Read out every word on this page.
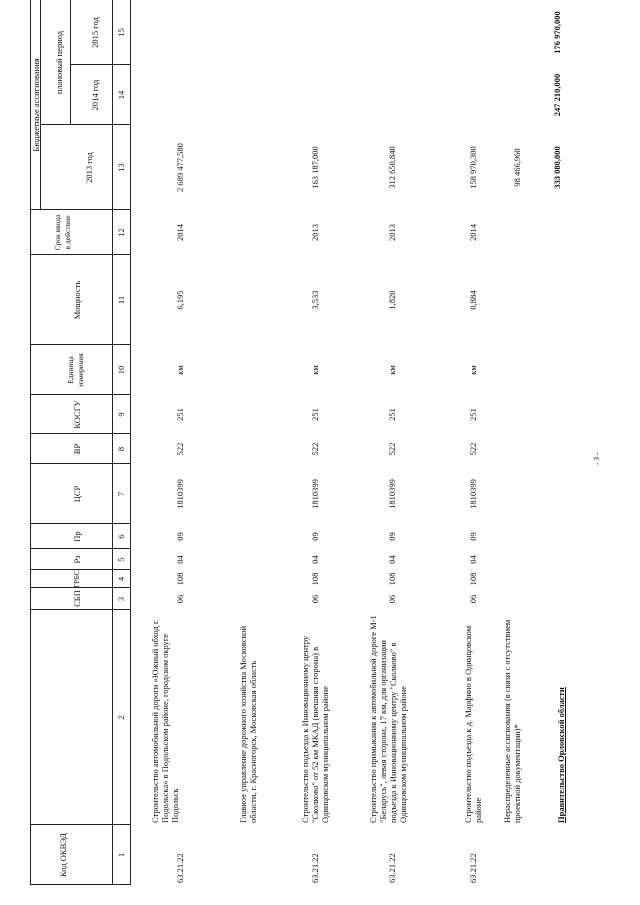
Код ОКВЭД
СБП
ГРБС
Рз
Пр
ЦСР
ВР
КОСГУ
Единица измерения
Мощность
Срок ввода в действие
Бюджетные ассигнования плановый период
2013 год
2014 год
2015 год
1
2
3
4
5
6
7
8
9
10
11
12
13
14
15
63.21.22
Строительство автомобильной дороги «Южный обход г. Подольска» в Подольском районе, городском округе Подольск
06
108
04
09
1810399
522
251
км
6,195
2014
2 689 477,580
Главное управление дорожного хозяйства Московской области, г. Красногорск, Московская область
63.21.22
Строительство подъезда к Инновационному центру "Сколково" от 52 км МКАД (внешняя сторона) в Одинцовском муниципальном районе
06
108
04
09
1810399
522
251
км
3,533
2013
163 187,000
63.21.22
Строительство примыкания к автомобильной дороге М-1 "Беларусь", левая сторона, 17 км, для организации подъезда к Инновационному центру "Сколково" в Одинцовском муниципальном районе
06
108
04
09
1810399
522
251
км
1,820
2013
312 650,840
63.21.22
Строительство подъезда к д. Марфино в Одинцовском районе
06
108
04
09
1810399
522
251
км
0,884
2014
158 970,300
Нераспределенные ассигнования (в связи с отсутствием проектной документации)*
98 466,960	333 080,000
247 210,000
176 970,000
Правительство Орловской области
- 3 -
